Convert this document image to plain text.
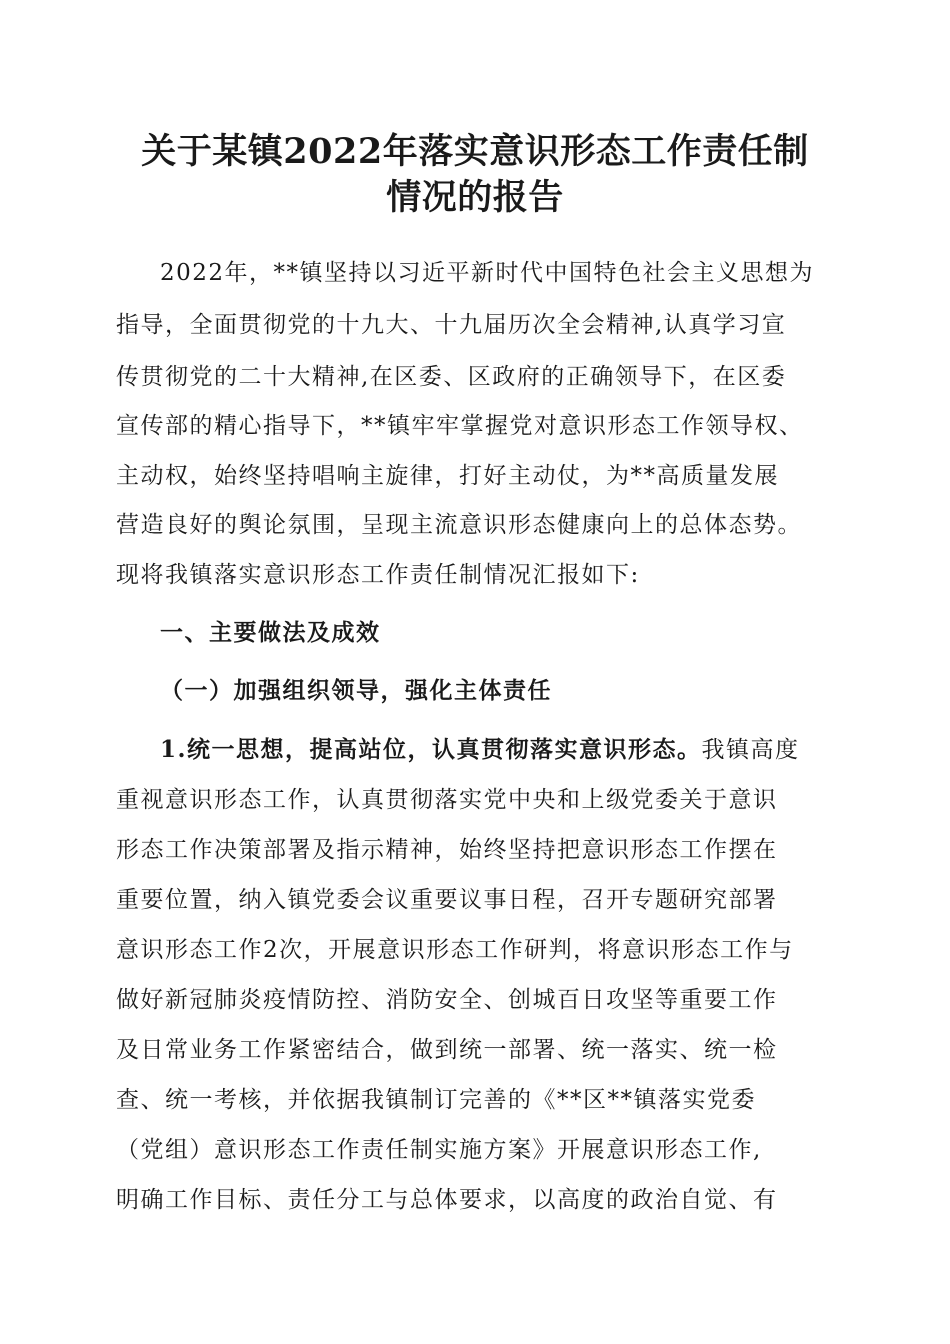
关于某镇2022年落实意识形态工作责任制
情况的报告
2022年，**镇坚持以习近平新时代中国特色社会主义思想为
指导，全面贯彻党的十九大、十九届历次全会精神,认真学习宣
传贯彻党的二十大精神,在区委、区政府的正确领导下，在区委
宣传部的精心指导下，**镇牢牢掌握党对意识形态工作领导权、
主动权，始终坚持唱响主旋律，打好主动仗，为**高质量发展
营造良好的舆论氛围，呈现主流意识形态健康向上的总体态势。
现将我镇落实意识形态工作责任制情况汇报如下:
一、主要做法及成效
（一）加强组织领导，强化主体责任
1.统一思想，提高站位，认真贯彻落实意识形态。我镇高度
重视意识形态工作，认真贯彻落实党中央和上级党委关于意识
形态工作决策部署及指示精神，始终坚持把意识形态工作摆在
重要位置，纳入镇党委会议重要议事日程，召开专题研究部署
意识形态工作2次，开展意识形态工作研判，将意识形态工作与
做好新冠肺炎疫情防控、消防安全、创城百日攻坚等重要工作
及日常业务工作紧密结合，做到统一部署、统一落实、统一检
查、统一考核，并依据我镇制订完善的《**区**镇落实党委
（党组）意识形态工作责任制实施方案》开展意识形态工作,
明确工作目标、责任分工与总体要求，以高度的政治自觉、有
